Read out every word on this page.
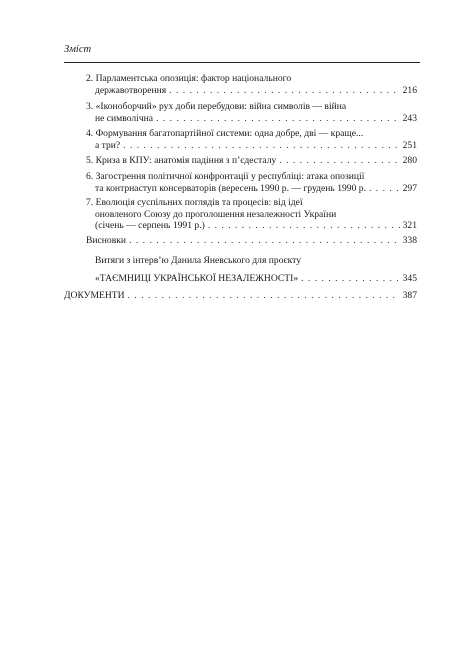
Зміст
2. Парламентська опозиція: фактор національного
державотворення . . .	216
3. «Іконоборчий» рух доби перебудови: війна символів — війна
не символічна . . .	243
4. Формування багатопартійної системи: одна добре, дві — краще...
а три? . . .	251
5. Криза в КПУ: анатомія падіння з п’єдесталу . . .	280
6. Загострення політичної конфронтації у республіці: атака опозиції
та контрнаступ консерваторів (вересень 1990 р. — грудень 1990 р. . . .	297
7. Еволюція суспільних поглядів та процесів: від ідеї
оновленого Союзу до проголошення незалежності України
(січень — серпень 1991 р.) . . .	321
Висновки . . .	338
Витяги з інтерв’ю Данила Яневського для проєкту
«ТАЄМНИЦІ УКРАЇНСЬКОЇ НЕЗАЛЕЖНОСТІ» . . .	345
ДОКУМЕНТИ . . .	387
